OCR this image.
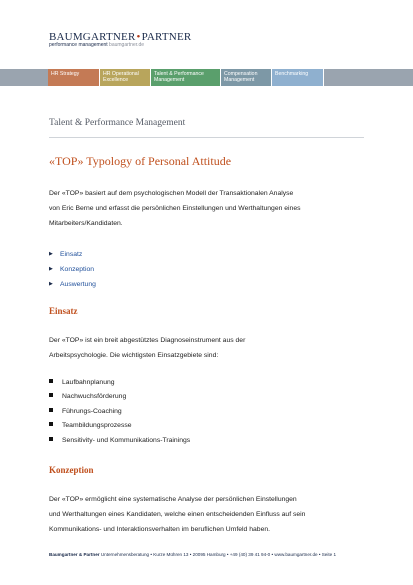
BAUMGARTNER•PARTNER
performance management baumgartner.de
HR Strategy	HR Operational
Excellence
Talent & Performance
Management
Compensation
Management
Benchmarking
Talent & Performance Management
«TOP» Typology of Personal Attitude
Der «TOP» basiert auf dem psychologischen Modell der Transaktionalen Analyse
von Eric Berne und erfasst die persönlichen Einstellungen und Werthaltungen eines
Mitarbeiters/Kandidaten.
▶ Einsatz
▶ Konzeption
▶ Auswertung
Einsatz
Der «TOP» ist ein breit abgestütztes Diagnoseinstrument aus der
Arbeitspsychologie. Die wichtigsten Einsatzgebiete sind:
Laufbahnplanung
Nachwuchsförderung
Führungs-Coaching
Teambildungsprozesse
Sensitivity- und Kommunikations-Trainings
Konzeption
Der «TOP» ermöglicht eine systematische Analyse der persönlichen Einstellungen
und Werthaltungen eines Kandidaten, welche einen entscheidenden Einfluss auf sein
Kommunikations- und Interaktionsverhalten im beruflichen Umfeld haben.
Baumgartner & Partner Unternehmensberatung • Kurze Mühren 13 • 20095 Hamburg • +49 (40) 39 41 94-0 • www.baumgartner.de • Seite 1
